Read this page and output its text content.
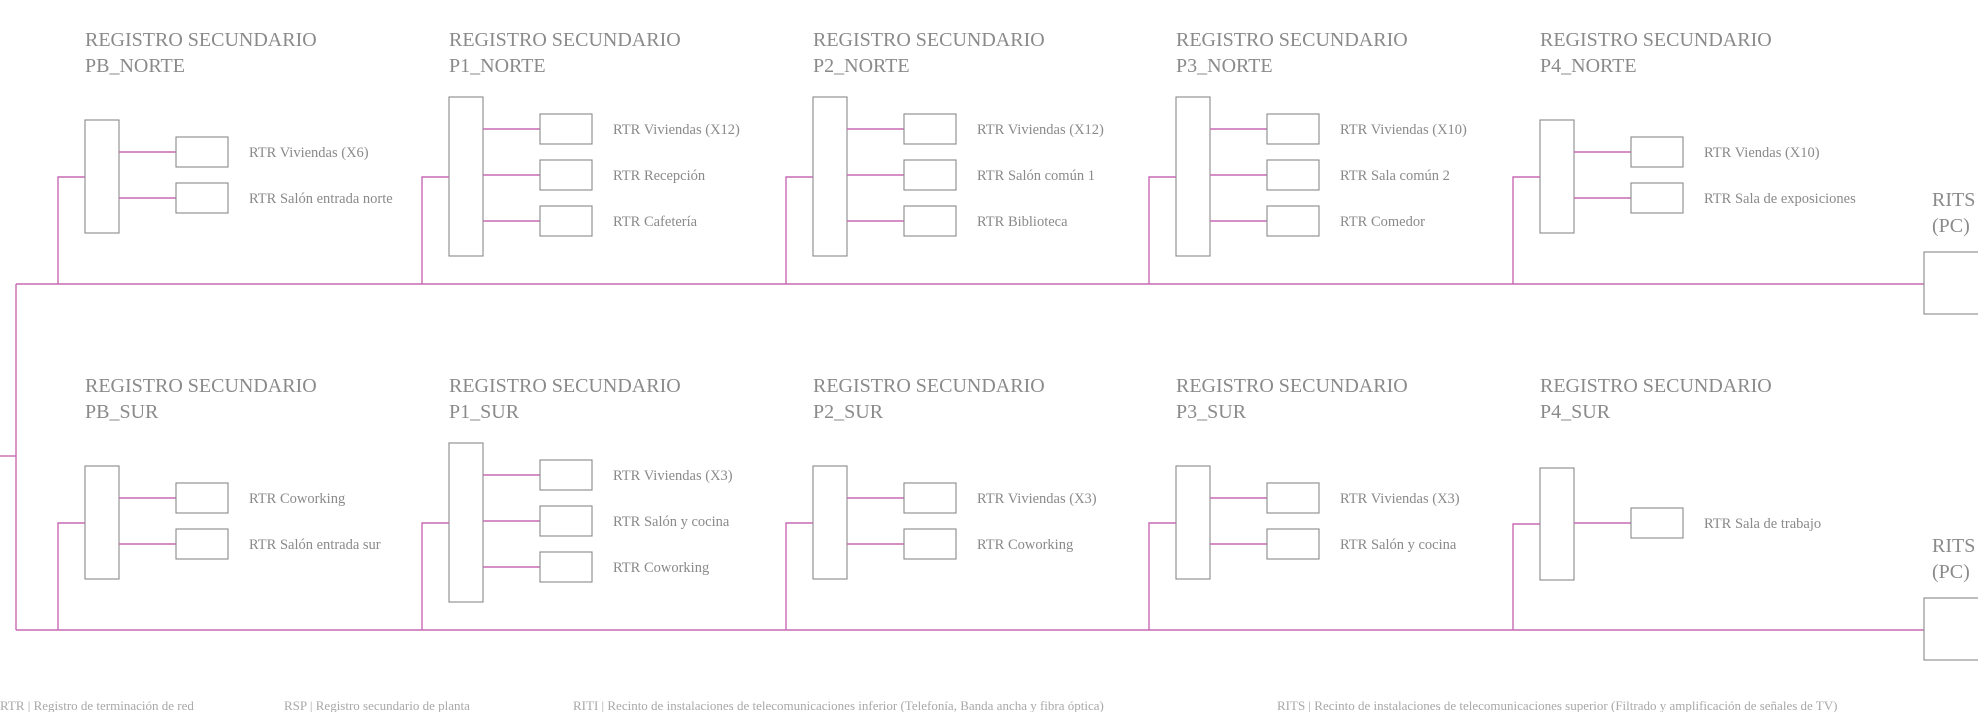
RITS
(PC)
REGISTRO SECUNDARIO
PB_NORTE
RTR Viviendas (X6)
RTR Salón entrada norte
REGISTRO SECUNDARIO
P1_NORTE
RTR Viviendas (X12)
RTR Recepción
RTR Cafetería
REGISTRO SECUNDARIO
P2_NORTE
RTR Viviendas (X12)
RTR Salón común 1
RTR Biblioteca
REGISTRO SECUNDARIO
P3_NORTE
RTR Viviendas (X10)
RTR Sala común 2
RTR Comedor
REGISTRO SECUNDARIO
P4_NORTE
RTR Viendas (X10)
RTR Sala de exposiciones
RITS
(PC)
REGISTRO SECUNDARIO
PB_SUR
RTR Coworking
RTR Salón entrada sur
REGISTRO SECUNDARIO
P1_SUR
RTR Viviendas (X3)
RTR Salón y cocina
RTR Coworking
REGISTRO SECUNDARIO
P2_SUR
RTR Viviendas (X3)
RTR Coworking
REGISTRO SECUNDARIO
P3_SUR
RTR Viviendas (X3)
RTR Salón y cocina
REGISTRO SECUNDARIO
P4_SUR
RTR Sala de trabajo
RTR | Registro de terminación de red	RSP | Registro secundario de planta	RITI | Recinto de instalaciones de telecomunicaciones inferior (Telefonía, Banda ancha y fibra óptica)	RITS | Recinto de instalaciones de telecomunicaciones superior (Filtrado y amplificación de señales de TV)
